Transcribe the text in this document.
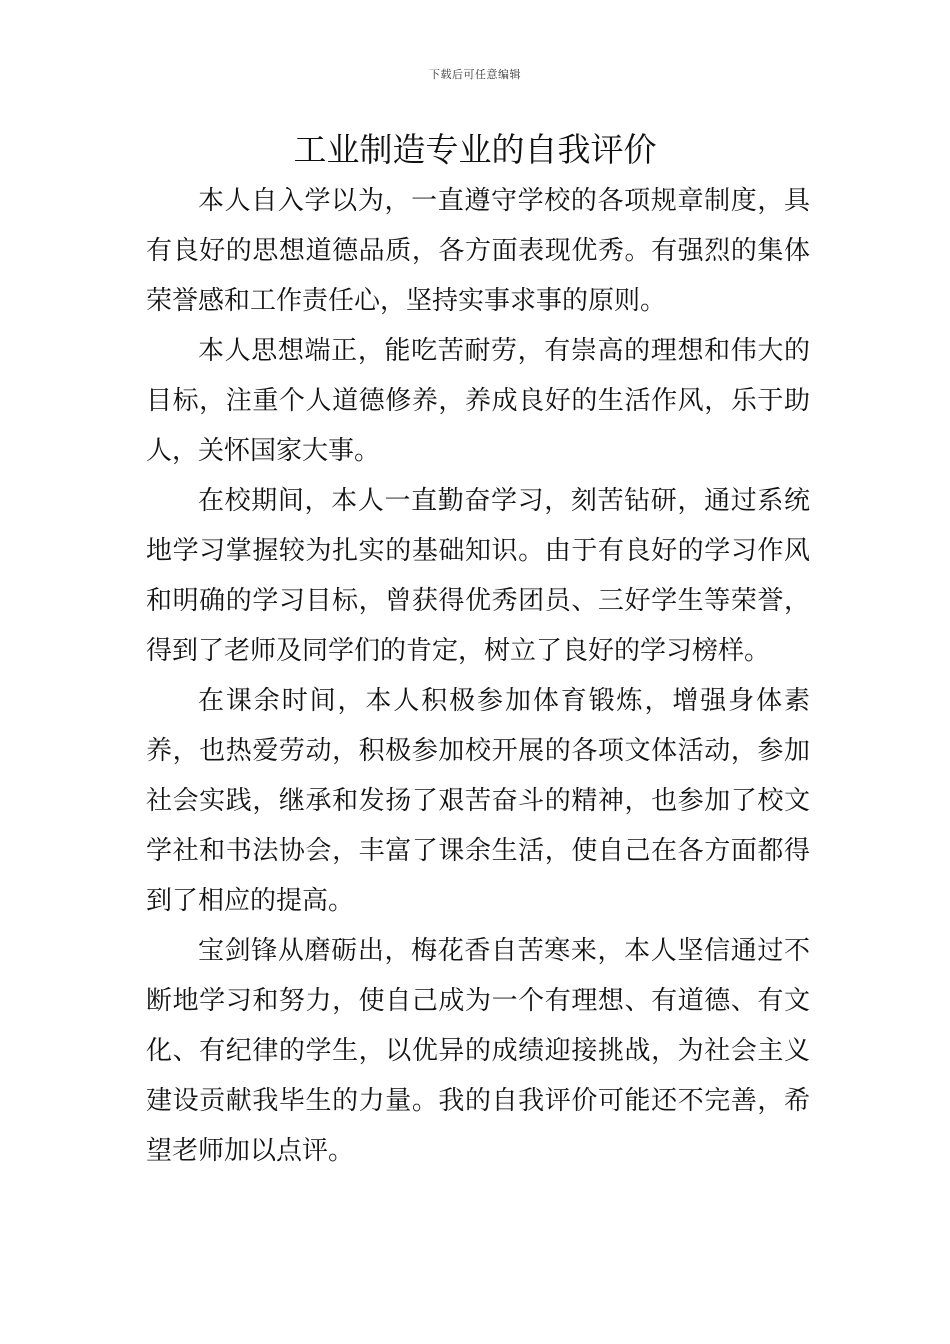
下载后可任意编辑
工业制造专业的自我评价

本人自入学以为，一直遵守学校的各项规章制度，具有良好的思想道德品质，各方面表现优秀。有强烈的集体荣誉感和工作责任心，坚持实事求事的原则。

本人思想端正，能吃苦耐劳，有崇高的理想和伟大的目标，注重个人道德修养，养成良好的生活作风，乐于助人，关怀国家大事。

在校期间，本人一直勤奋学习，刻苦钻研，通过系统地学习掌握较为扎实的基础知识。由于有良好的学习作风和明确的学习目标，曾获得优秀团员、三好学生等荣誉，得到了老师及同学们的肯定，树立了良好的学习榜样。

在课余时间，本人积极参加体育锻炼，增强身体素养，也热爱劳动，积极参加校开展的各项文体活动，参加社会实践，继承和发扬了艰苦奋斗的精神，也参加了校文学社和书法协会，丰富了课余生活，使自己在各方面都得到了相应的提高。

宝剑锋从磨砺出，梅花香自苦寒来，本人坚信通过不断地学习和努力，使自己成为一个有理想、有道德、有文化、有纪律的学生，以优异的成绩迎接挑战，为社会主义建设贡献我毕生的力量。我的自我评价可能还不完善，希望老师加以点评。
